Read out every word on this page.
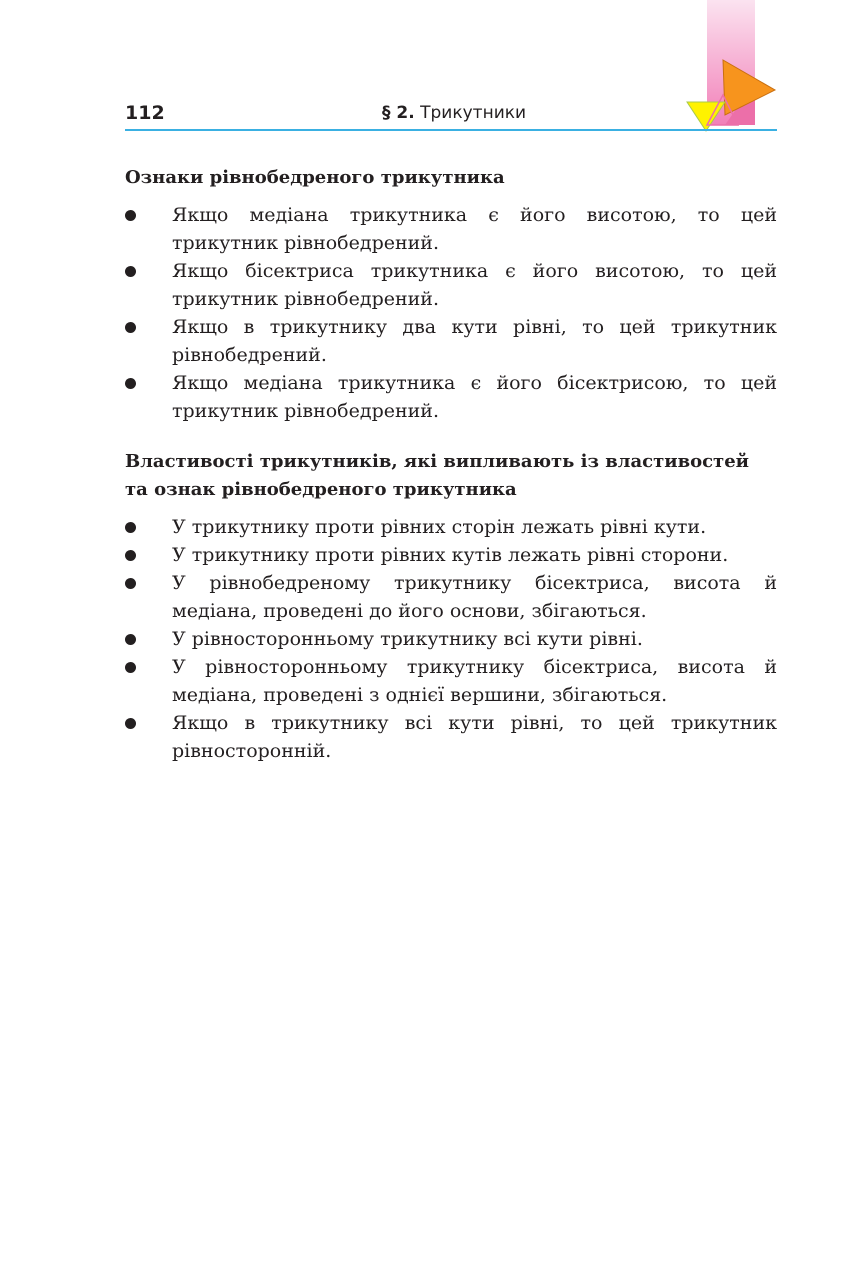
112	§ 2. Трикутники
Ознаки рівнобедреного трикутника
Якщо медіана трикутника є його висотою, то цей трикутник рівнобедрений.
Якщо бісектриса трикутника є його висотою, то цей трикутник рівнобедрений.
Якщо в трикутнику два кути рівні, то цей трикутник рівнобедрений.
Якщо медіана трикутника є його бісектрисою, то цей трикутник рівнобедрений.
Властивості трикутників, які випливають із властивостей та ознак рівнобедреного трикутника
У трикутнику проти рівних сторін лежать рівні кути.
У трикутнику проти рівних кутів лежать рівні сторони.
У рівнобедреному трикутнику бісектриса, висота й медіана, проведені до його основи, збігаються.
У рівносторонньому трикутнику всі кути рівні.
У рівносторонньому трикутнику бісектриса, висота й медіана, проведені з однієї вершини, збігаються.
Якщо в трикутнику всі кути рівні, то цей трикутник рівносторонній.
